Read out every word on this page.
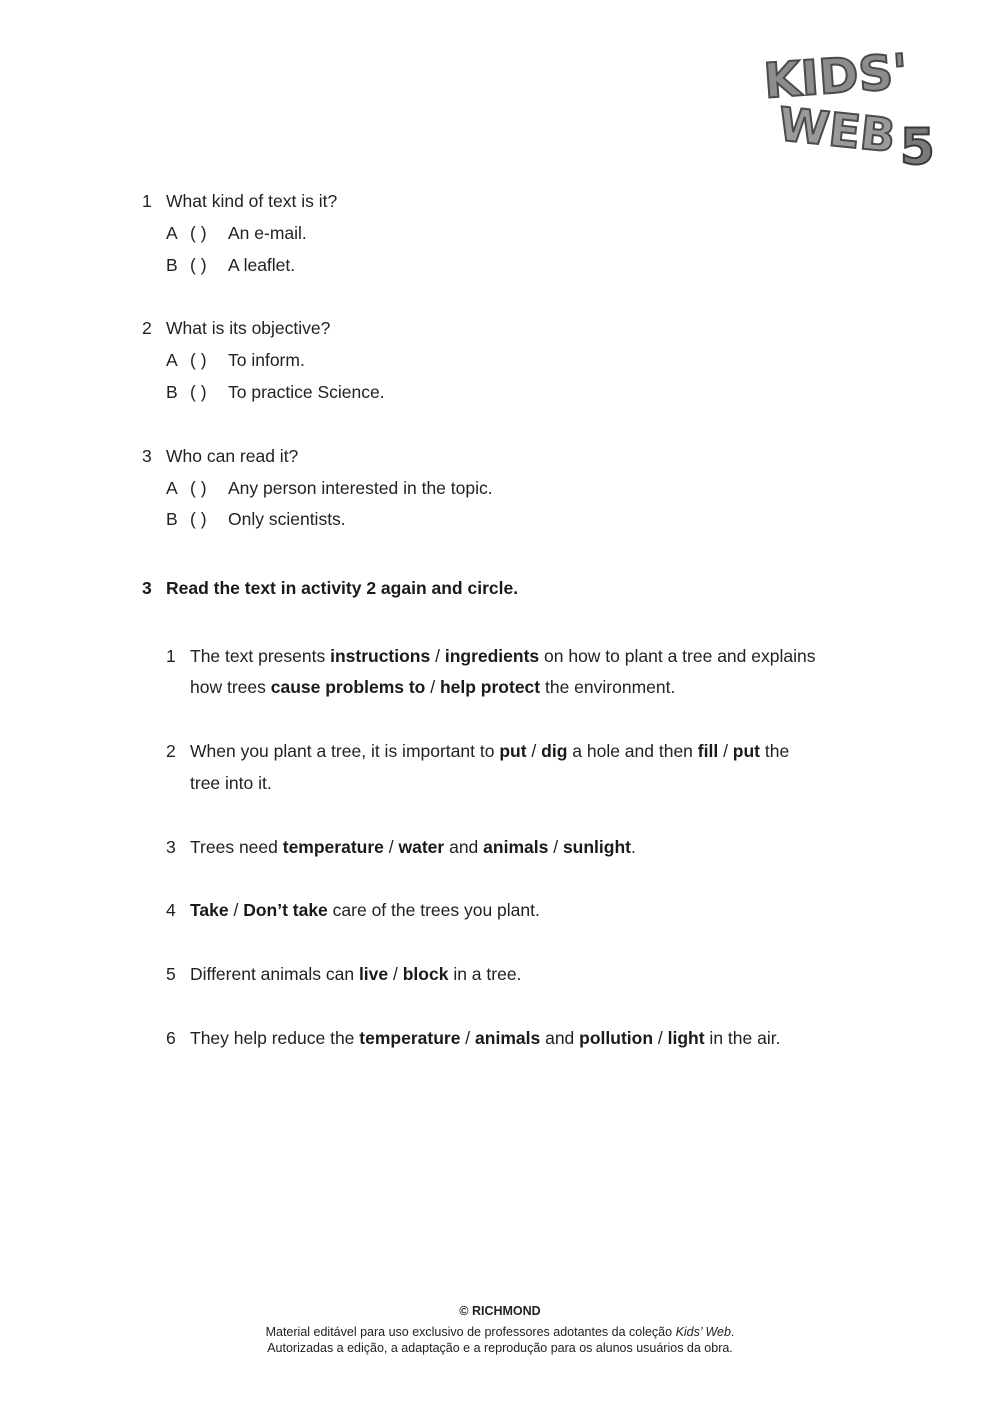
KIDS'
WEB 5
1 What kind of text is it?
A ( ) An e-mail.
B ( ) A leaflet.
2 What is its objective?
A ( ) To inform.
B ( ) To practice Science.
3 Who can read it?
A ( ) Any person interested in the topic.
B ( ) Only scientists.
3 Read the text in activity 2 again and circle.
1 The text presents instructions / ingredients on how to plant a tree and explains
how trees cause problems to / help protect the environment.
2 When you plant a tree, it is important to put / dig a hole and then fill / put the
tree into it.
3 Trees need temperature / water and animals / sunlight.
4 Take / Don’t take care of the trees you plant.
5 Different animals can live / block in a tree.
6 They help reduce the temperature / animals and pollution / light in the air.
© RICHMOND
Material editável para uso exclusivo de professores adotantes da coleção Kids’ Web.
Autorizadas a edição, a adaptação e a reprodução para os alunos usuários da obra.
